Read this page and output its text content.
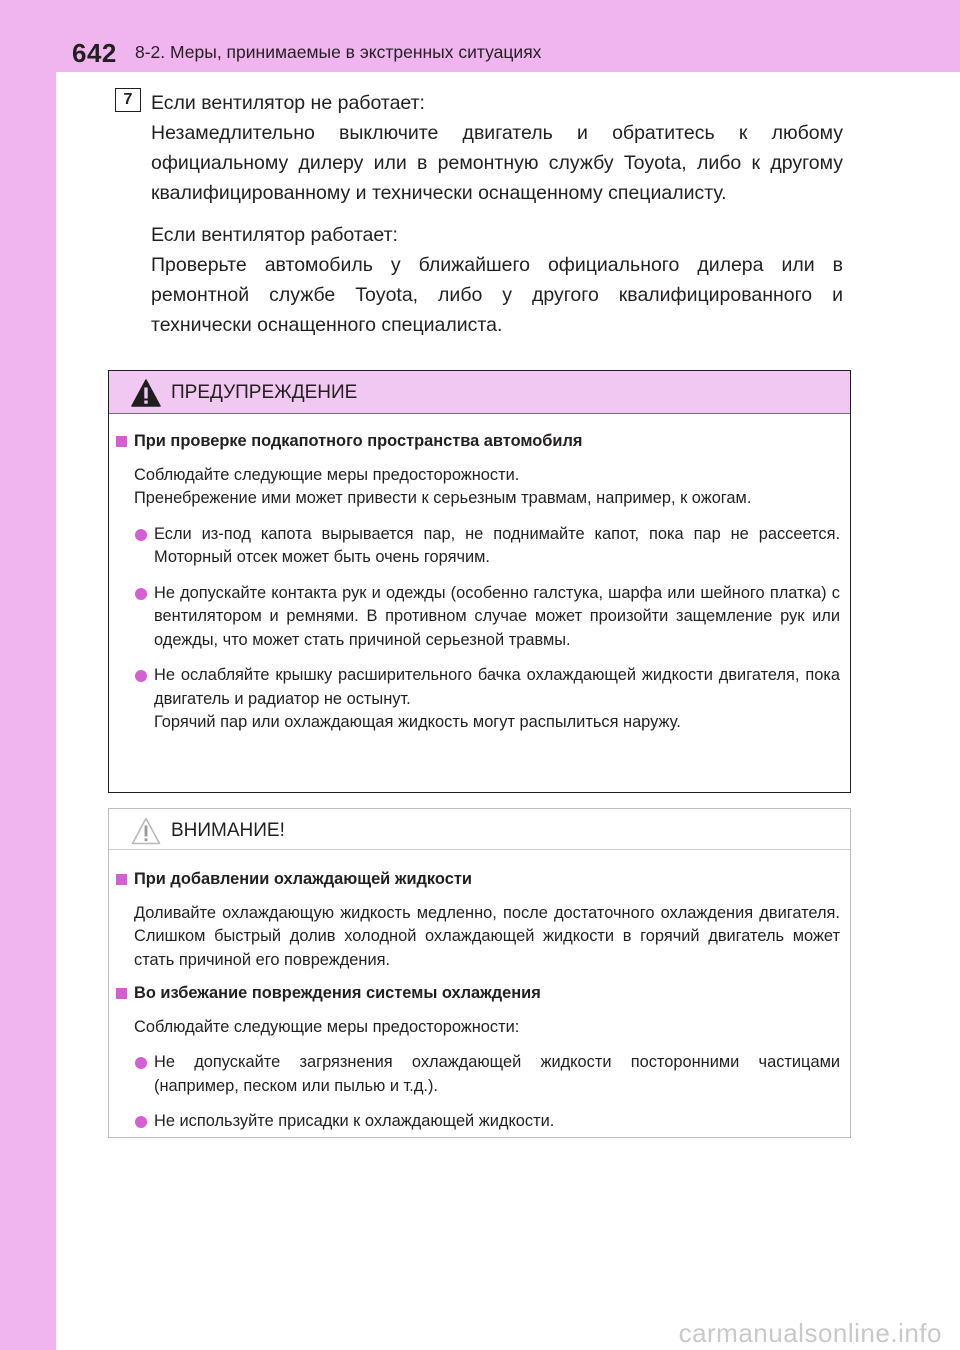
642 8-2. Меры, принимаемые в экстренных ситуациях
7 Если вентилятор не работает:

Незамедлительно выключите двигатель и обратитесь к любому официальному дилеру или в ремонтную службу Toyota, либо к другому квалифицированному и технически оснащенному специалисту.

Если вентилятор работает:

Проверьте автомобиль у ближайшего официального дилера или в ремонтной службе Toyota, либо у другого квалифицированного и технически оснащенного специалиста.

ПРЕДУПРЕЖДЕНИЕ

При проверке подкапотного пространства автомобиля

Соблюдайте следующие меры предосторожности.

Пренебрежение ими может привести к серьезным травмам, например, к ожогам.

Если из-под капота вырывается пар, не поднимайте капот, пока пар не рассеется. Моторный отсек может быть очень горячим.

Не допускайте контакта рук и одежды (особенно галстука, шарфа или шейного платка) с вентилятором и ремнями. В противном случае может произойти защемление рук или одежды, что может стать причиной серьезной травмы.

Не ослабляйте крышку расширительного бачка охлаждающей жидкости двигателя, пока двигатель и радиатор не остынут.

Горячий пар или охлаждающая жидкость могут распылиться наружу.

ВНИМАНИЕ!

При добавлении охлаждающей жидкости

Доливайте охлаждающую жидкость медленно, после достаточного охлаждения двигателя. Слишком быстрый долив холодной охлаждающей жидкости в горячий двигатель может стать причиной его повреждения.

Во избежание повреждения системы охлаждения

Соблюдайте следующие меры предосторожности:

Не допускайте загрязнения охлаждающей жидкости посторонними частицами (например, песком или пылью и т.д.).

Не используйте присадки к охлаждающей жидкости.

carmanualsonline.info
